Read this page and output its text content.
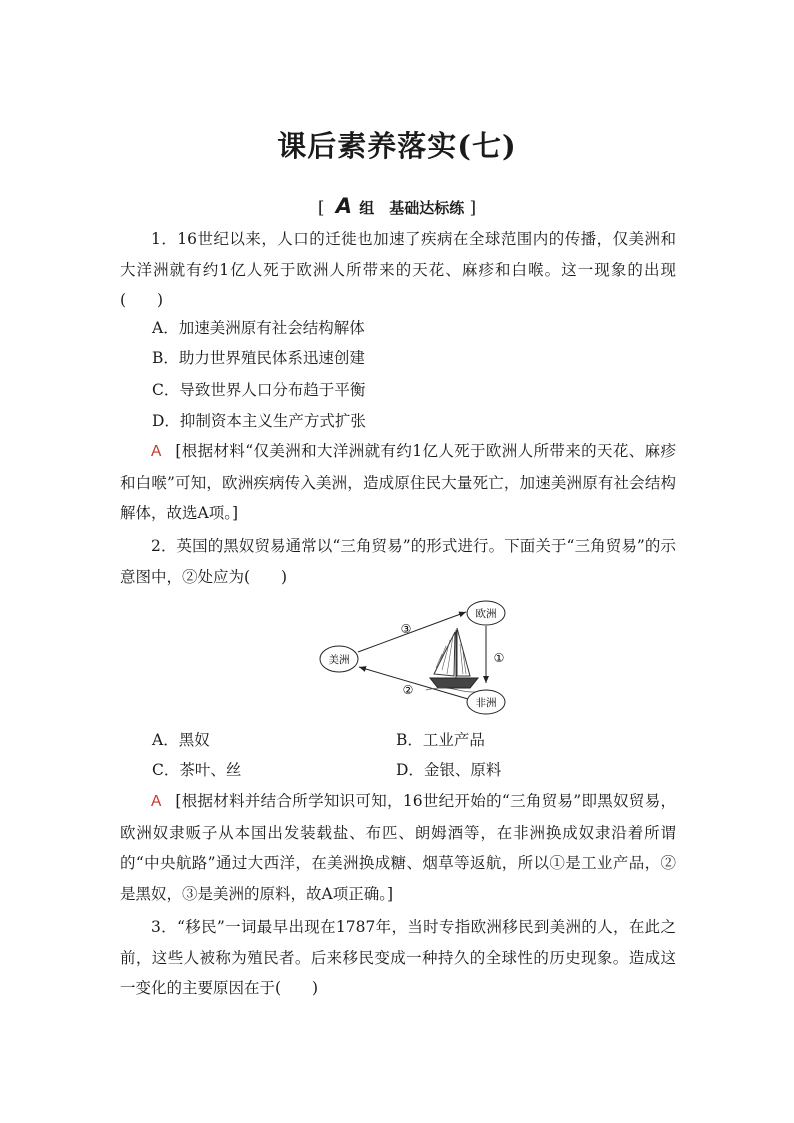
课后素养落实(七)
[ A 组　基础达标练 ]
1．16世纪以来，人口的迁徙也加速了疾病在全球范围内的传播，仅美洲和大洋洲就有约1亿人死于欧洲人所带来的天花、麻疹和白喉。这一现象的出现(　　)
A．加速美洲原有社会结构解体
B．助力世界殖民体系迅速创建
C．导致世界人口分布趋于平衡
D．抑制资本主义生产方式扩张
A [根据材料“仅美洲和大洋洲就有约1亿人死于欧洲人所带来的天花、麻疹和白喉”可知，欧洲疾病传入美洲，造成原住民大量死亡，加速美洲原有社会结构解体，故选A项。]
2．英国的黑奴贸易通常以“三角贸易”的形式进行。下面关于“三角贸易”的示意图中，②处应为(　　)
美洲
欧洲
非洲
③
①
②
A．黑奴	B．工业产品
C．茶叶、丝	D．金银、原料
A [根据材料并结合所学知识可知，16世纪开始的“三角贸易”即黑奴贸易，欧洲奴隶贩子从本国出发装载盐、布匹、朗姆酒等，在非洲换成奴隶沿着所谓的“中央航路”通过大西洋，在美洲换成糖、烟草等返航，所以①是工业产品，②是黑奴，③是美洲的原料，故A项正确。]
3．“移民”一词最早出现在1787年，当时专指欧洲移民到美洲的人，在此之前，这些人被称为殖民者。后来移民变成一种持久的全球性的历史现象。造成这一变化的主要原因在于(　　)
